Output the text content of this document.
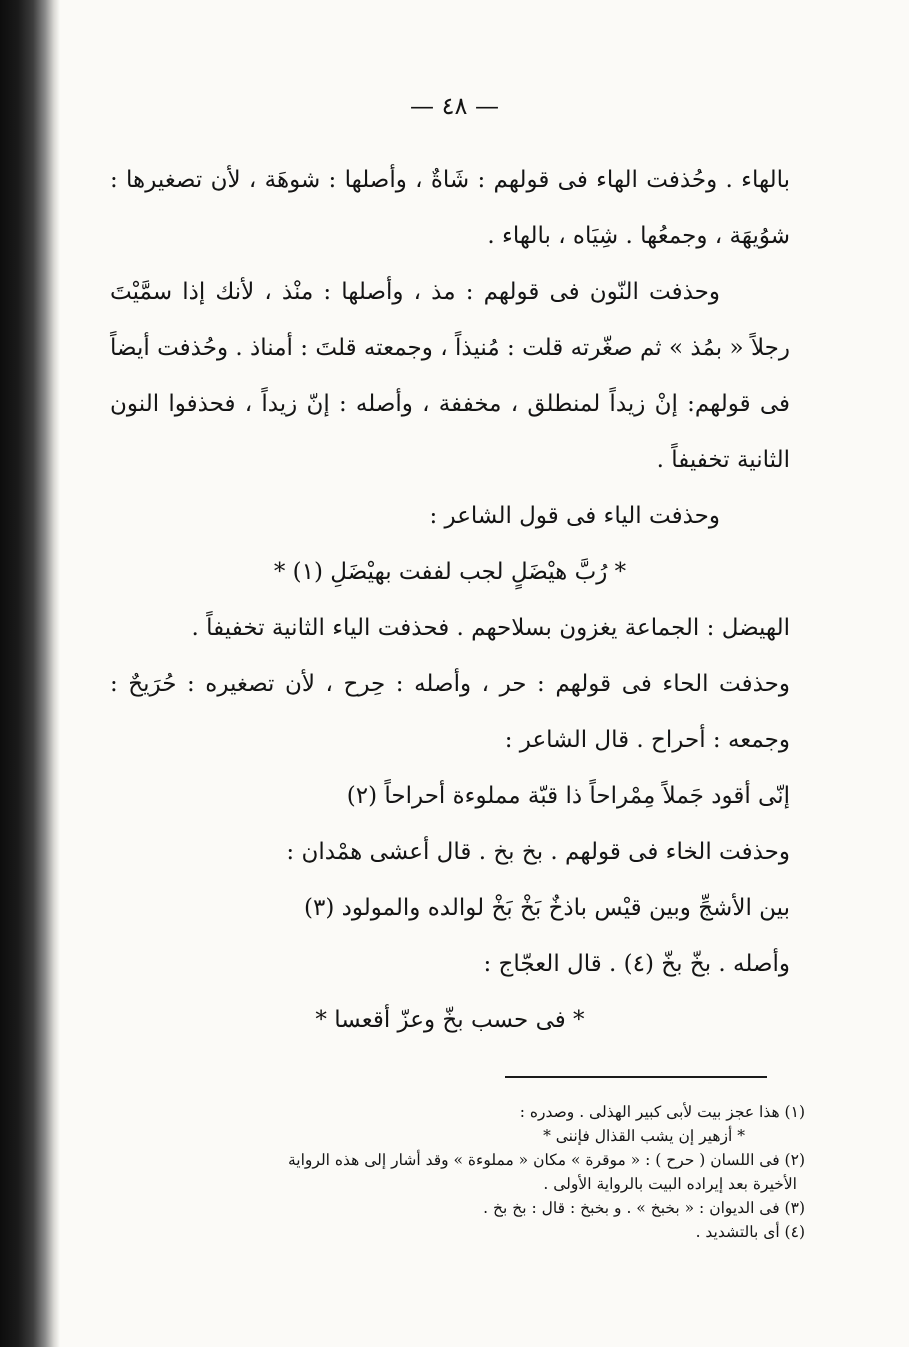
— ٤٨ —

بالهاء . وحُذفت الهاء فى قولهم : شَاةٌ ، وأصلها : شوهَة ، لأن تصغيرها : شوُيهَة ، وجمعُها . شِيَاه ، بالهاء .

وحذفت النّون فى قولهم : مذ ، وأصلها : منْذ ، لأنك إذا سمَّيْتَ رجلاً « بمُذ » ثم صغّرته قلت : مُنيذاً ، وجمعته قلتَ : أمناذ . وحُذفت أيضاً فى قولهم: إنْ زيداً لمنطلق ، مخففة ، وأصله : إنّ زيداً ، فحذفوا النون الثانية تخفيفاً .

وحذفت الياء فى قول الشاعر :

* رُبَّ هيْضَلٍ لجب لففت بهيْضَلِ (١) *

الهيضل : الجماعة يغزون بسلاحهم . فحذفت الياء الثانية تخفيفاً .

وحذفت الحاء فى قولهم : حر ، وأصله : حِرح ، لأن تصغيره : حُرَيحٌ : وجمعه : أحراح . قال الشاعر :

إنّى أقود جَملاً مِمْراحاً ذا قبّة مملوءة أحراحاً (٢)

وحذفت الخاء فى قولهم . بخ بخ . قال أعشى همْدان :

بين الأشجِّ وبين قيْس باذخٌ بَخْ بَخْ لوالده والمولود (٣)

وأصله . بخّ بخّ (٤) . قال العجّاج :

* فى حسب بخّ وعزّ أقعسا *

(١) هذا عجز بيت لأبى كبير الهذلى . وصدره :

* أزهير إن يشب القذال فإننى *

(٢) فى اللسان ( حرح ) : « موقرة » مكان « مملوءة » وقد أشار إلى هذه الرواية

الأخيرة بعد إيراده البيت بالرواية الأولى .

(٣) فى الديوان : « بخبخ » . و بخبخ : قال : بخ بخ .

(٤) أى بالتشديد .
